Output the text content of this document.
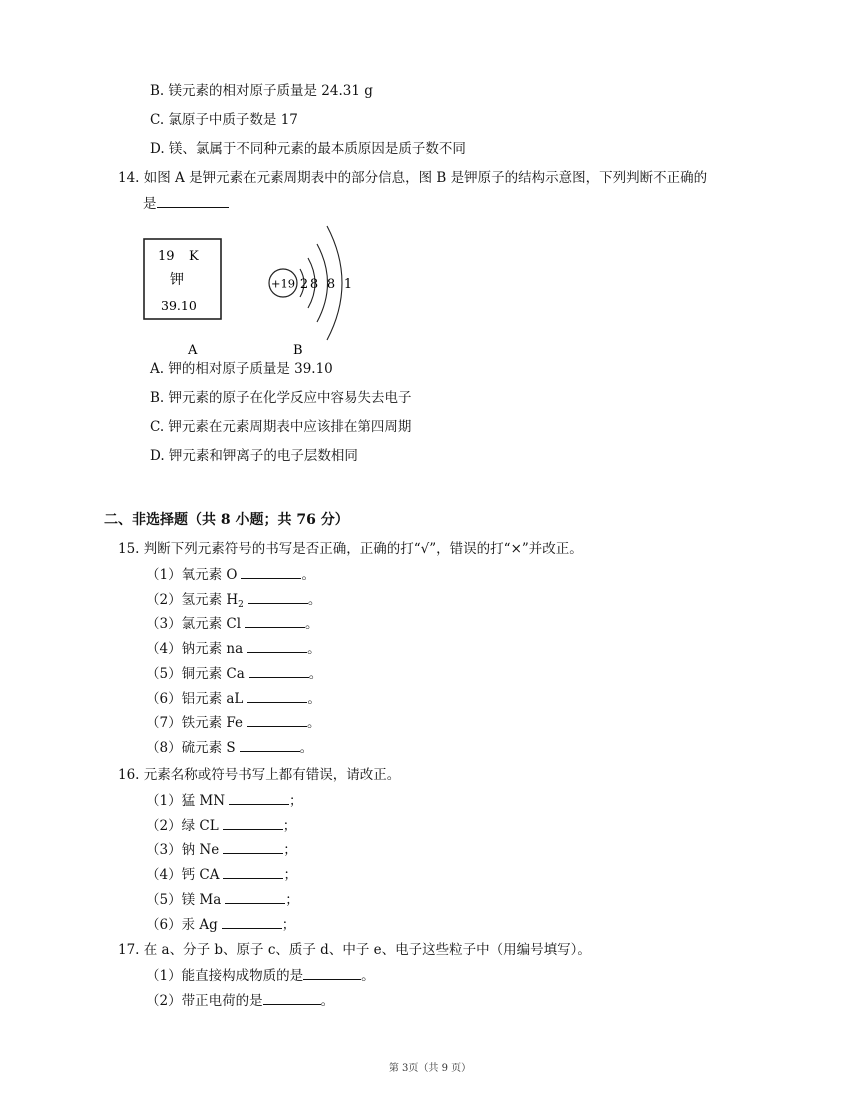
B. 镁元素的相对原子质量是 24.31 g
C. 氯原子中质子数是 17
D. 镁、氯属于不同种元素的最本质原因是质子数不同
14. 如图 A 是钾元素在元素周期表中的部分信息，图 B 是钾原子的结构示意图，下列判断不正确的
是
19 K
钾
39.10
A
+19 2 8 8 1
B
A. 钾的相对原子质量是 39.10
B. 钾元素的原子在化学反应中容易失去电子
C. 钾元素在元素周期表中应该排在第四周期
D. 钾元素和钾离子的电子层数相同
二、非选择题（共 8 小题；共 76 分）
15. 判断下列元素符号的书写是否正确，正确的打“√”，错误的打“×”并改正。
（1）氧元素 O	。
（2）氢元素 $H_2$	。
（3）氯元素 Cl	。
（4）钠元素 na	。
（5）铜元素 Ca	。
（6）铝元素 aL	。
（7）铁元素 Fe	。
（8）硫元素 S	。
16. 元素名称或符号书写上都有错误，请改正。
（1）猛 MN	；
（2）绿 CL	；
（3）钠 Ne	；
（4）钙 CA	；
（5）镁 Ma	；
（6）汞 Ag	；
17. 在 a、分子 b、原子 c、质子 d、中子 e、电子这些粒子中（用编号填写）。
（1）能直接构成物质的是	。
（2）带正电荷的是	。
第 3页（共 9 页）
